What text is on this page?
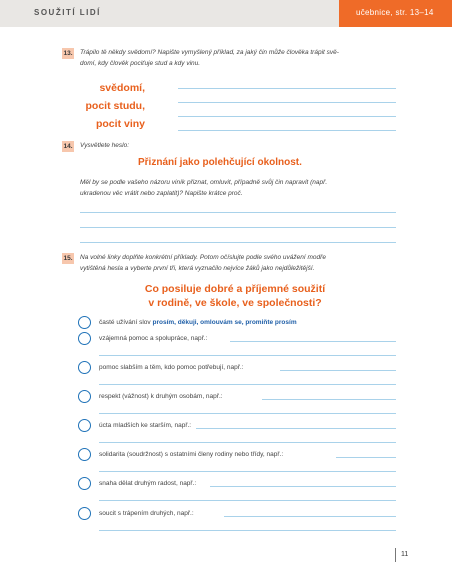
SOUŽITÍ LIDÍ	učebnice, str. 13–14
13. Trápilo tě někdy svědomí? Napište vymyšlený příklad, za jaký čin může člověka trápit svě-
domí, kdy člověk pociťuje stud a kdy vinu.
svědomí,
pocit studu,
pocit viny
14. Vysvětlete heslo:
Přiznání jako polehčující okolnost.
Měl by se podle vašeho názoru viník přiznat, omluvit, případně svůj čin napravit (např.
ukradenou věc vrátit nebo zaplatit)? Napište krátce proč.
15. Na volné linky doplňte konkrétní příklady. Potom očíslujte podle svého uvážení modře
vytištěná hesla a vyberte první tři, která vyznačilo nejvíce žáků jako nejdůležitější.
Co posiluje dobré a příjemné soužití
v rodině, ve škole, ve společnosti?
časté užívání slov prosím, děkuji, omlouvám se, promiňte prosím
vzájemná pomoc a spolupráce, např.:
pomoc slabším a těm, kdo pomoc potřebují, např.:
respekt (vážnost) k druhým osobám, např.:
úcta mladších ke starším, např.:
solidarita (soudržnost) s ostatními členy rodiny nebo třídy, např.:
snaha dělat druhým radost, např.:
soucit s trápením druhých, např.:
11
